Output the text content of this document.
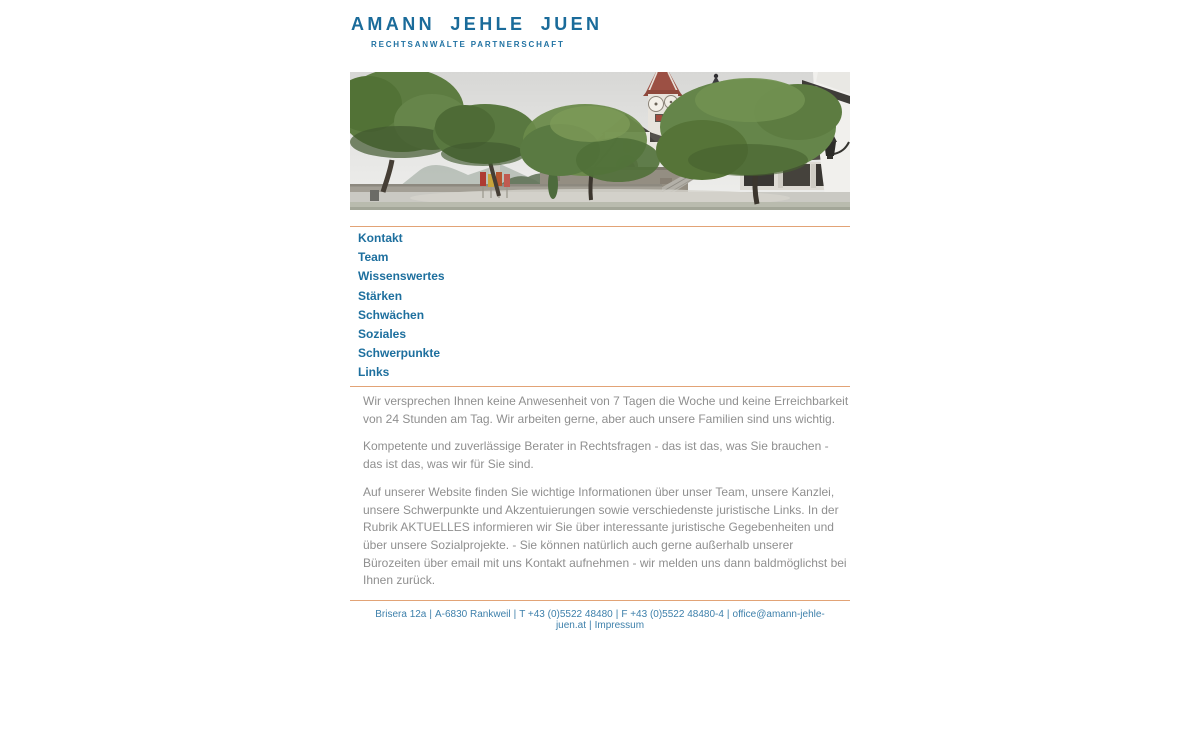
AMANN JEHLE JUEN
RECHTSANWÄLTE PARTNERSCHAFT
Kontakt
Team
Wissenswertes
Stärken
Schwächen
Soziales
Schwerpunkte
Links

Wir versprechen Ihnen keine Anwesenheit von 7 Tagen die Woche und keine Erreichbarkeit von 24 Stunden am Tag. Wir arbeiten gerne, aber auch unsere Familien sind uns wichtig.

Kompetente und zuverlässige Berater in Rechtsfragen - das ist das, was Sie brauchen - das ist das, was wir für Sie sind.

Auf unserer Website finden Sie wichtige Informationen über unser Team, unsere Kanzlei, unsere Schwerpunkte und Akzentuierungen sowie verschiedenste juristische Links. In der Rubrik AKTUELLES informieren wir Sie über interessante juristische Gegebenheiten und über unsere Sozialprojekte. - Sie können natürlich auch gerne außerhalb unserer Bürozeiten über email mit uns Kontakt aufnehmen - wir melden uns dann baldmöglichst bei Ihnen zurück.

Brisera 12a | A-6830 Rankweil | T +43 (0)5522 48480 | F +43 (0)5522 48480-4 | office@amann-jehle-juen.at | Impressum
